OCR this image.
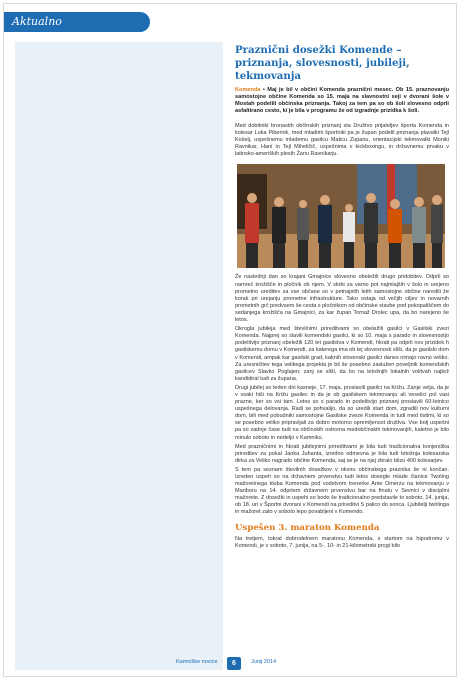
Aktualno
Praznični dosežki Komende – priznanja, slovesnosti, jubileji, tekmovanja

Komenda • Maj je bil v občini Komenda praznični mesec. Ob 15. praznovanju samostojne občine Komenda so 15. maja na slavnostni seji v dvorani šole v Mostah podelili občinska priznanja. Takoj za tem pa so ob šoli slovesno odprli asfaltirano cesto, ki je bila v programu že od izgradnje prizidka k šoli.

Med dobitniki bronastih občinskih priznanj sta Društvo prijateljev športa Komenda in kolesar Luka Pibernik, med mladimi športniki pa je župan podelil priznanja plavalki Tejl Košelj, uspešnemu mlademu gasilcu Maticu Zupanu, orientacijski tekmovalki Moniki Ravnikar, Hani in Tejl Miheličič, uspešnima v kickboxingu, in državnemu prvaku v latinsko-ameriških plesih Žanu Ravnikarju.

Že naslednji dan so krajani Gmajnice slovesno obeležili drugo pridobitev. Odprli so namreč krožišče in pločnik ob njem. V skrbi za varno pot najmlajših v šolo in urejeno prometno ureditev za vse občane so v petnajstih letih samostojne občine naredili že korak pri urejanju prometne infrastrukture. Tako ostaja od večjih ciljev in novarnih prometnih grč predvsem še cesta s pločnikom od občinske stavbe pod pokopališčem do sedanjega krožišča na Gmajnici, za kar župan Tomaž Drolec upa, da bo narejeno še letos.

Okrogla jubileja med številnimi prireditvami so obeležili gasilci v Gasilski zvezi Komenda. Najprej so slavili komendski gasilci, ki so 10. maja s parado in slovesnostjo podelitvijo priznanj obeležili 120 let gasilstva v Komendi, hkrati pa odprli nov prizidek h gasilskemu domu v Komendi, za katerega ima ob tej slovesnosti sliši, da je gasilski dom v Komendi, ampak kar gasilski grad, kaknih slovenski gasilci danes nimajo ravno veliko. Za uresničitev tega velikega projekta je bil še posebno zaslužen poveljnik komendskih gasilcev Slavko Poglajen; zanj se sliši, da bo na letošnjih lokalnih volitvah najbrž kandidiral tudi za župana.

Drugi jubilej so teden dni kasneje, 17. maja, proslavili gasilci na Križu. Zanje velja, da je v vsaki hiši na Križu gasilec in da je ob gasilskem tekmovanju ali veselici pol vasi prazne, ker so vsi tam. Letos so s parado in podelitvijo priznanj proslavili 60-letnico uspešnega delovanja. Radi se pohvalijo, da so uredili start dom, zgradili nov kulturni dom, bili med pobudniki samostojne Gasilske zveze Komenda in tudi med tistimi, ki so se posebno veliko pripravljali za dobro motorno opremljenost društva. Vse bolj uspešni pa so zadnje čase tudi na občinskih ostroma medobčinskih tekmovanjih, kaletno je bilo minulo soboto in nedeljo v Kamniku.

Med prazničnimi in hkrati jubilejnimi prireditvami je bila tudi tradicionalna konjeniška prireditev za pokal Janka Juhanta, izredno odmevna je bila tudi letošnja kolesarska dirka za Veliko nagrado občine Komenda, saj se je na njej zbralo blizu 400 kolesarjev.

S tem pa seznam številnih dosežkov v okviru občinskega praznika še ni končan. Izreden uspeh so na državnem prvenstvu tudi letos dosegle mlade članice Twirling mažoretnega kluba Komenda pod vodstvom trenerke Ante Omerzu na tekmovanju v Mariboru na 14. odprtem državnem prvenstvu bar na finalu v Sevnici v disciplini mažorete. Z dosežki in uspehi so bodo še tradicionalno predstavile to soboto, 14. junija, ob 18. uri v Športni dvorani v Komendi na prireditvi S palico do sonca. Ljubitelji twirlinga in mažoret zato v soboto lepo povabljeni v Komendo.

Uspešen 3. maraton Komenda

Na tretjem, tokrat dobrodelnem maratonu Komenda, s startom na hipodromu v Komendi, je v soboto, 7. junija, na 5-, 10- in 21-kilometrski progi bilo

Kamniške novice	6	Junij 2014
